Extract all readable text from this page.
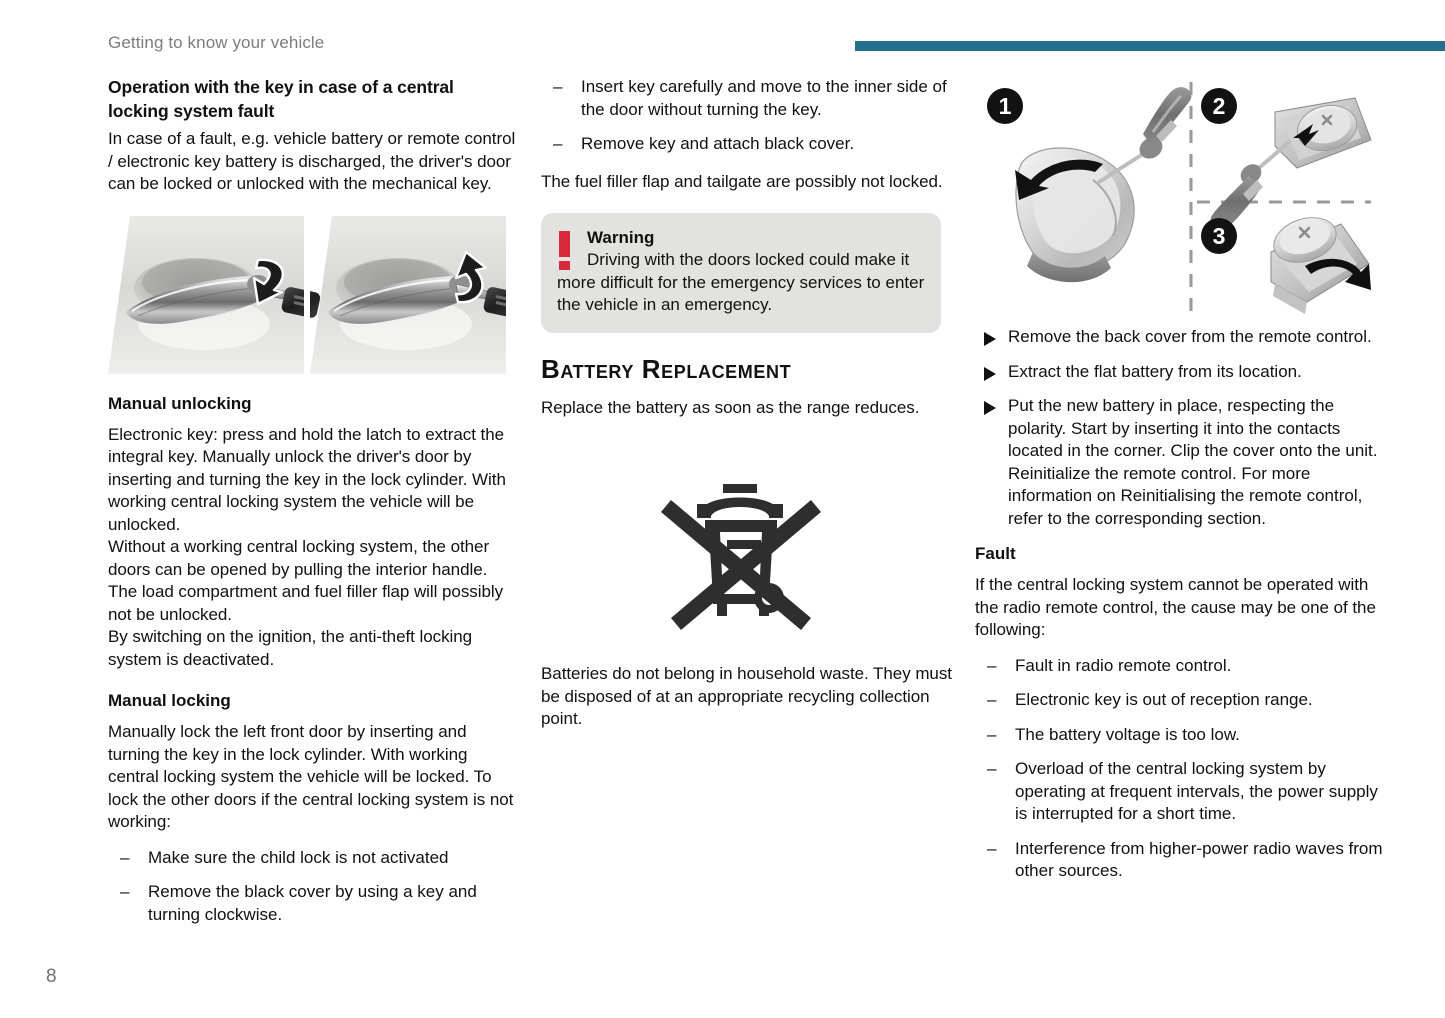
Getting to know your vehicle
Operation with the key in case of a central locking system fault

In case of a fault, e.g. vehicle battery or remote control / electronic key battery is discharged, the driver's door can be locked or unlocked with the mechanical key.

Manual unlocking

Electronic key: press and hold the latch to extract the integral key. Manually unlock the driver's door by inserting and turning the key in the lock cylinder. With working central locking system the vehicle will be unlocked.

Without a working central locking system, the other doors can be opened by pulling the interior handle.

The load compartment and fuel filler flap will possibly not be unlocked.

By switching on the ignition, the anti-theft locking system is deactivated.

Manual locking

Manually lock the left front door by inserting and turning the key in the lock cylinder. With working central locking system the vehicle will be locked. To lock the other doors if the central locking system is not working:

– Make sure the child lock is not activated
– Remove the black cover by using a key and turning clockwise.
– Insert key carefully and move to the inner side of the door without turning the key.
– Remove key and attach black cover.

The fuel filler flap and tailgate are possibly not locked.

Warning
Driving with the doors locked could make it more difficult for the emergency services to enter the vehicle in an emergency.
Battery Replacement

Replace the battery as soon as the range reduces.

Batteries do not belong in household waste. They must be disposed of at an appropriate recycling collection point.

1	2
3
Remove the back cover from the remote control.
Extract the flat battery from its location.
Put the new battery in place, respecting the polarity. Start by inserting it into the contacts located in the corner. Clip the cover onto the unit. Reinitialize the remote control. For more information on Reinitialising the remote control, refer to the corresponding section.
Fault

If the central locking system cannot be operated with the radio remote control, the cause may be one of the following:

– Fault in radio remote control.
– Electronic key is out of reception range.
– The battery voltage is too low.
– Overload of the central locking system by operating at frequent intervals, the power supply is interrupted for a short time.
– Interference from higher-power radio waves from other sources.
8
